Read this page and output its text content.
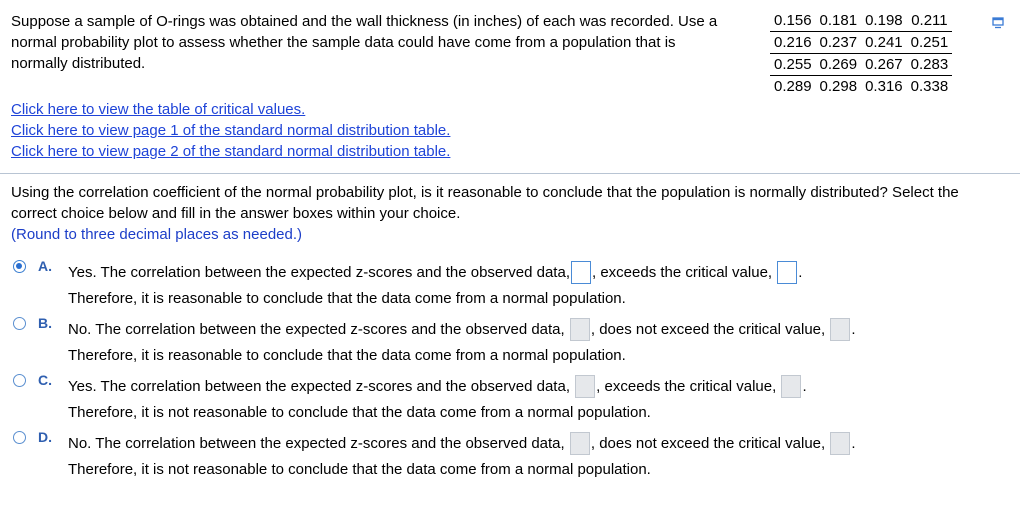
Suppose a sample of O-rings was obtained and the wall thickness (in inches) of each was recorded. Use a normal probability plot to assess whether the sample data could have come from a population that is normally distributed.
0.156	0.181	0.198	0.211
0.216	0.237	0.241	0.251
0.255	0.269	0.267	0.283
0.289	0.298	0.316	0.338
Click here to view the table of critical values.
Click here to view page 1 of the standard normal distribution table.
Click here to view page 2 of the standard normal distribution table.
Using the correlation coefficient of the normal probability plot, is it reasonable to conclude that the population is normally distributed? Select the correct choice below and fill in the answer boxes within your choice.
(Round to three decimal places as needed.)
A. Yes. The correlation between the expected z-scores and the observed data, , exceeds the critical value, .
Therefore, it is reasonable to conclude that the data come from a normal population.
B. No. The correlation between the expected z-scores and the observed data, , does not exceed the critical value, .
Therefore, it is reasonable to conclude that the data come from a normal population.
C. Yes. The correlation between the expected z-scores and the observed data, , exceeds the critical value, .
Therefore, it is not reasonable to conclude that the data come from a normal population.
D. No. The correlation between the expected z-scores and the observed data, , does not exceed the critical value, .
Therefore, it is not reasonable to conclude that the data come from a normal population.
